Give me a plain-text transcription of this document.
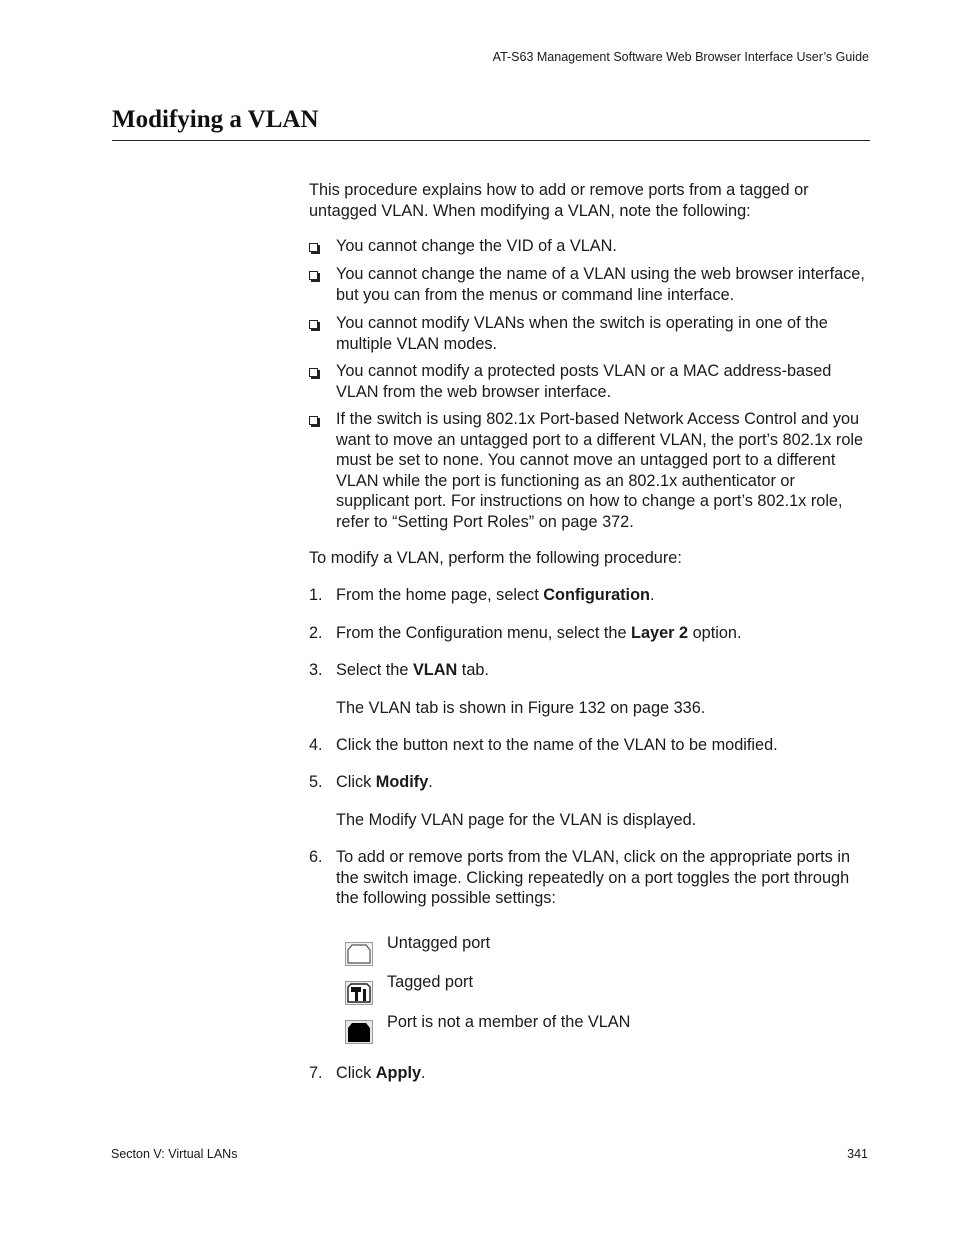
AT-S63 Management Software Web Browser Interface User’s Guide
Modifying a VLAN
This procedure explains how to add or remove ports from a tagged or untagged VLAN. When modifying a VLAN, note the following:
You cannot change the VID of a VLAN.
You cannot change the name of a VLAN using the web browser interface, but you can from the menus or command line interface.
You cannot modify VLANs when the switch is operating in one of the multiple VLAN modes.
You cannot modify a protected posts VLAN or a MAC address-based VLAN from the web browser interface.
If the switch is using 802.1x Port-based Network Access Control and you want to move an untagged port to a different VLAN, the port’s 802.1x role must be set to none. You cannot move an untagged port to a different VLAN while the port is functioning as an 802.1x authenticator or supplicant port. For instructions on how to change a port’s 802.1x role, refer to “Setting Port Roles” on page 372.
To modify a VLAN, perform the following procedure:
1. From the home page, select Configuration.
2. From the Configuration menu, select the Layer 2 option.
3. Select the VLAN tab.
The VLAN tab is shown in Figure 132 on page 336.
4. Click the button next to the name of the VLAN to be modified.
5. Click Modify.
The Modify VLAN page for the VLAN is displayed.
6. To add or remove ports from the VLAN, click on the appropriate ports in the switch image. Clicking repeatedly on a port toggles the port through the following possible settings:
Untagged port
Tagged port
Port is not a member of the VLAN
7. Click Apply.
Secton V: Virtual LANs	341
